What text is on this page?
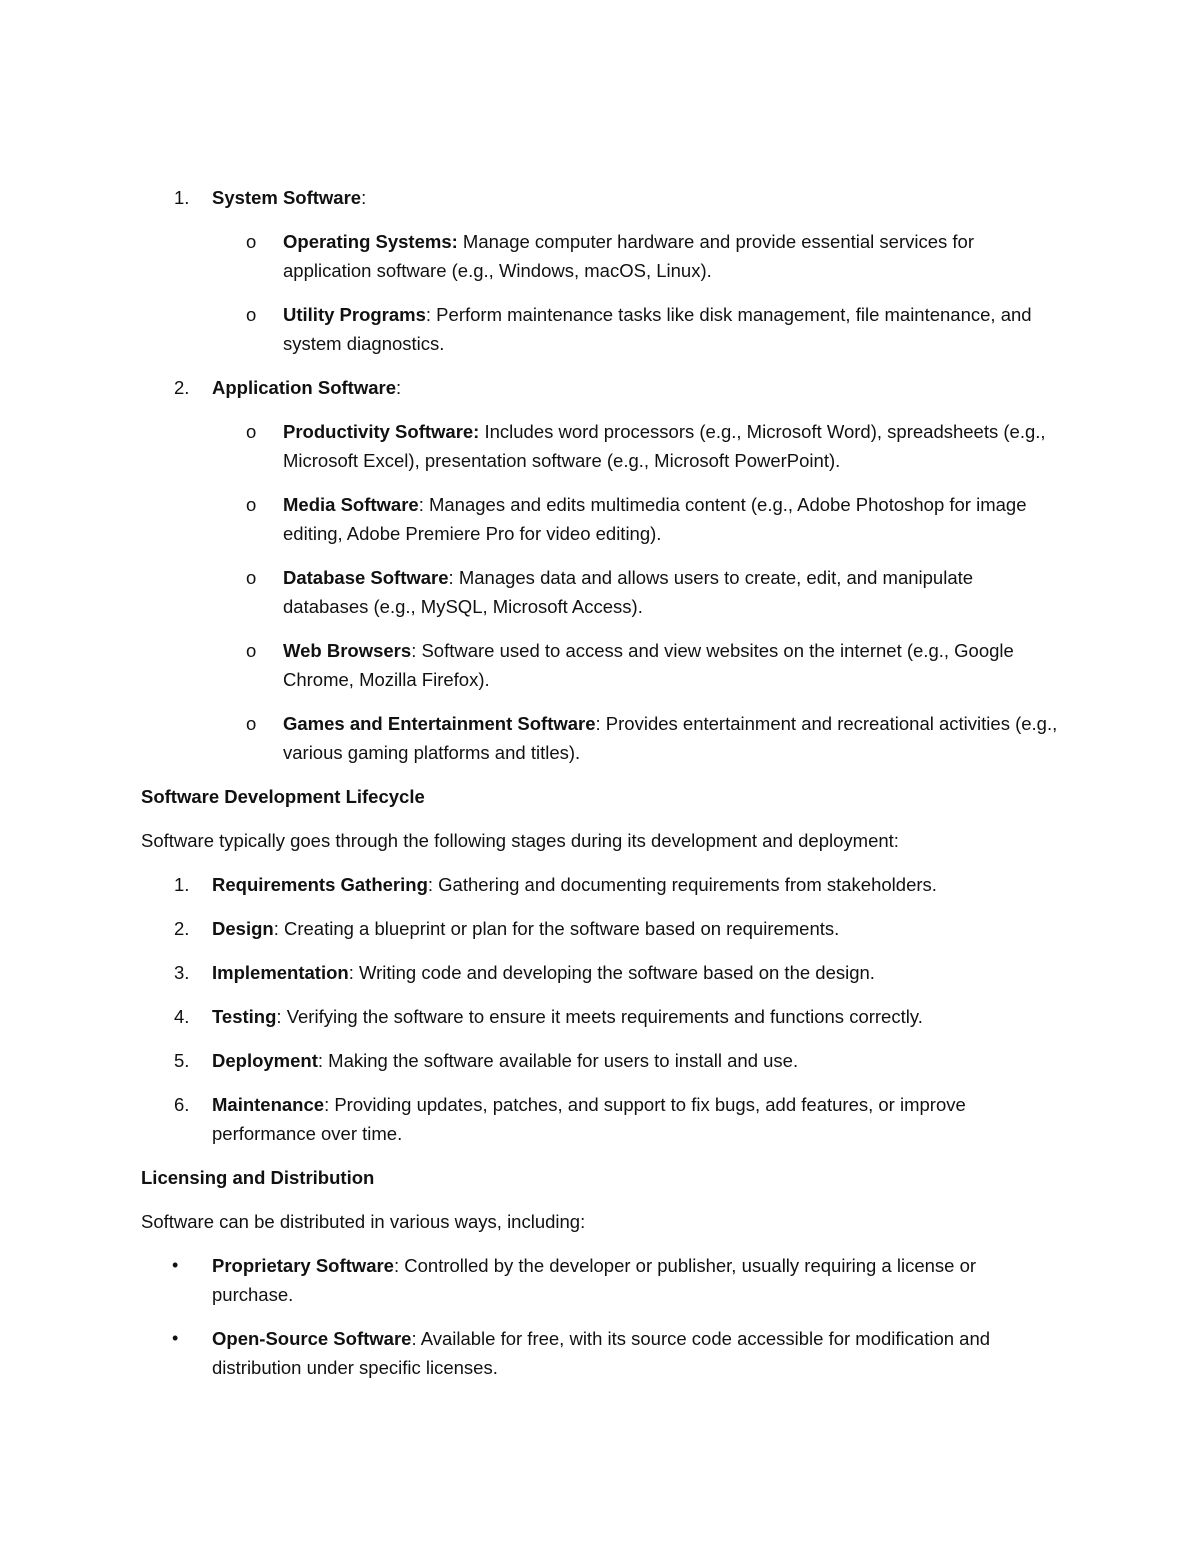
1.	System Software:
o	Operating Systems: Manage computer hardware and provide essential services for application software (e.g., Windows, macOS, Linux).
o	Utility Programs: Perform maintenance tasks like disk management, file maintenance, and system diagnostics.
2.	Application Software:
o	Productivity Software: Includes word processors (e.g., Microsoft Word), spreadsheets (e.g., Microsoft Excel), presentation software (e.g., Microsoft PowerPoint).
o	Media Software: Manages and edits multimedia content (e.g., Adobe Photoshop for image editing, Adobe Premiere Pro for video editing).
o	Database Software: Manages data and allows users to create, edit, and manipulate databases (e.g., MySQL, Microsoft Access).
o	Web Browsers: Software used to access and view websites on the internet (e.g., Google Chrome, Mozilla Firefox).
o	Games and Entertainment Software: Provides entertainment and recreational activities (e.g., various gaming platforms and titles).
Software Development Lifecycle
Software typically goes through the following stages during its development and deployment:
1.	Requirements Gathering: Gathering and documenting requirements from stakeholders.
2.	Design: Creating a blueprint or plan for the software based on requirements.
3.	Implementation: Writing code and developing the software based on the design.
4.	Testing: Verifying the software to ensure it meets requirements and functions correctly.
5.	Deployment: Making the software available for users to install and use.
6.	Maintenance: Providing updates, patches, and support to fix bugs, add features, or improve performance over time.
Licensing and Distribution
Software can be distributed in various ways, including:
•	Proprietary Software: Controlled by the developer or publisher, usually requiring a license or purchase.
•	Open-Source Software: Available for free, with its source code accessible for modification and distribution under specific licenses.
